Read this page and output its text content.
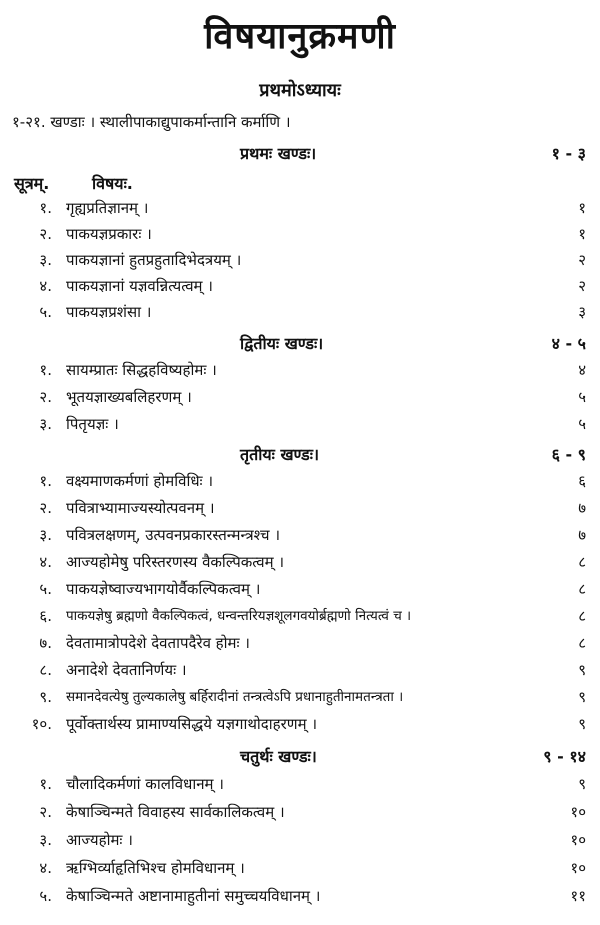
विषयानुक्रमणी
प्रथमोऽध्यायः
१-२१. खण्डाः । स्थालीपाकाद्युपाकर्मान्तानि कर्माणि ।
प्रथमः खण्डः।	१ - ३
सूत्रम्.	विषयः.
१. गृह्यप्रतिज्ञानम् ।	१
२. पाकयज्ञप्रकारः ।	१
३. पाकयज्ञानां हुतप्रहुतादिभेदत्रयम् ।	२
४. पाकयज्ञानां यज्ञवन्नित्यत्वम् ।	२
५. पाकयज्ञप्रशंसा ।	३
द्वितीयः खण्डः।	४ - ५
१. सायम्प्रातः सिद्धहविष्यहोमः ।	४
२. भूतयज्ञाख्यबलिहरणम् ।	५
३. पितृयज्ञः ।	५
तृतीयः खण्डः।	६ - ९
१. वक्ष्यमाणकर्मणां होमविधिः ।	६
२. पवित्राभ्यामाज्यस्योत्पवनम् ।	७
३. पवित्रलक्षणम्, उत्पवनप्रकारस्तन्मन्त्रश्च ।	७
४. आज्यहोमेषु परिस्तरणस्य वैकल्पिकत्वम् ।	८
५. पाकयज्ञेष्वाज्यभागयोर्वैकल्पिकत्वम् ।	८
६. पाकयज्ञेषु ब्रह्मणो वैकल्पिकत्वं, धन्वन्तरियज्ञशूलगवयोर्ब्रह्मणो नित्यत्वं च ।	८
७. देवतामात्रोपदेशे देवतापदैरेव होमः ।	८
८. अनादेशे देवतानिर्णयः ।	९
९. समानदेवत्येषु तुल्यकालेषु बर्हिरादीनां तन्त्रत्वेऽपि प्रधानाहुतीनामतन्त्रता ।	९
१०. पूर्वोक्तार्थस्य प्रामाण्यसिद्धये यज्ञगाथोदाहरणम् ।	९
चतुर्थः खण्डः।	९ - १४
१. चौलादिकर्मणां कालविधानम् ।	९
२. केषाञ्चिन्मते विवाहस्य सार्वकालिकत्वम् ।	१०
३. आज्यहोमः ।	१०
४. ऋग्भिर्व्याहृतिभिश्च होमविधानम् ।	१०
५. केषाञ्चिन्मते अष्टानामाहुतीनां समुच्चयविधानम् ।	११
